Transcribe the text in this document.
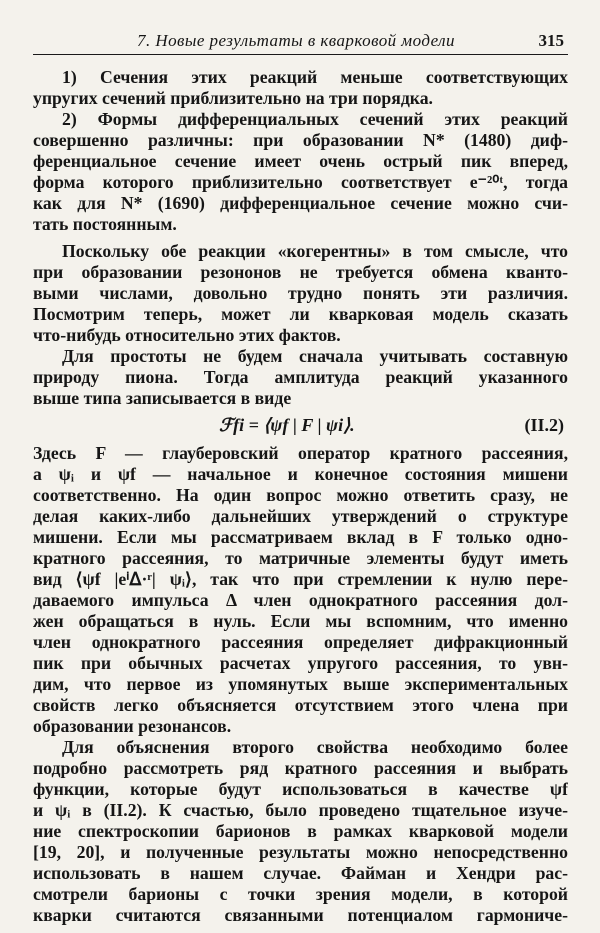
7. Новые результаты в кварковой модели	315
1) Сечения этих реакций меньше соответствующих
упругих сечений приблизительно на три порядка.
2) Формы дифференциальных сечений этих реакций
совершенно различны: при образовании N* (1480) диф-
ференциальное сечение имеет очень острый пик вперед,
форма которого приблизительно соответствует e⁻²⁰ᵗ, тогда
как для N* (1690) дифференциальное сечение можно счи-
тать постоянным.
Поскольку обе реакции «когерентны» в том смысле, что
при образовании резононов не требуется обмена кванто-
выми числами, довольно трудно понять эти различия.
Посмотрим теперь, может ли кварковая модель сказать
что-нибудь относительно этих фактов.
Для простоты не будем сначала учитывать составную
природу пиона. Тогда амплитуда реакций указанного
выше типа записывается в виде
ℱfi = ⟨ψf | F | ψi⟩.	(II.2)
Здесь F — глауберовский оператор кратного рассеяния,
а ψᵢ и ψf — начальное и конечное состояния мишени
соответственно. На один вопрос можно ответить сразу, не
делая каких-либо дальнейших утверждений о структуре
мишени. Если мы рассматриваем вклад в F только одно-
кратного рассеяния, то матричные элементы будут иметь
вид ⟨ψf |eⁱᐃ·ʳ| ψᵢ⟩, так что при стремлении к нулю пере-
даваемого импульса Δ член однократного рассеяния дол-
жен обращаться в нуль. Если мы вспомним, что именно
член однократного рассеяния определяет дифракционный
пик при обычных расчетах упругого рассеяния, то увн-
дим, что первое из упомянутых выше экспериментальных
свойств легко объясняется отсутствием этого члена при
образовании резонансов.
Для объяснения второго свойства необходимо более
подробно рассмотреть ряд кратного рассеяния и выбрать
функции, которые будут использоваться в качестве ψf
и ψᵢ в (II.2). К счастью, было проведено тщательное изуче-
ние спектроскопии барионов в рамках кварковой модели
[19, 20], и полученные результаты можно непосредственно
использовать в нашем случае. Файман и Хендри рас-
смотрели барионы с точки зрения модели, в которой
кварки считаются связанными потенциалом гармониче-
